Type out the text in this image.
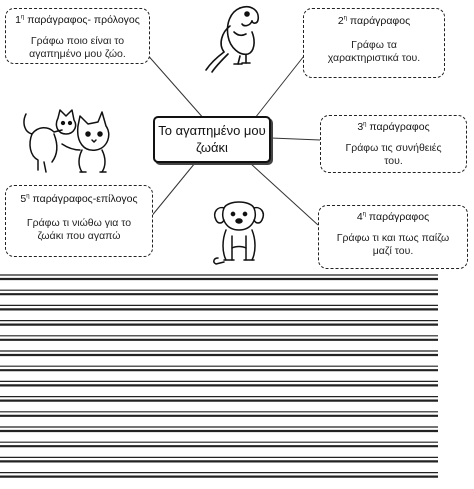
$1^\eta$ παράγραφος- πρόλογος
Γράφω ποιο είναι το
αγαπημένο μου ζώο.
$2^\eta$ παράγραφος
Γράφω τα
χαρακτηριστικά του.
$3^\eta$ παράγραφος
Γράφω τις συνήθειές
του.
$4^\eta$ παράγραφος
Γράφω τι και πως παίζω
μαζί του.
$5^\eta$ παράγραφος-επίλογος
Γράφω τι νιώθω για το
ζωάκι που αγαπώ
Το αγαπημένο μου
ζωάκι
